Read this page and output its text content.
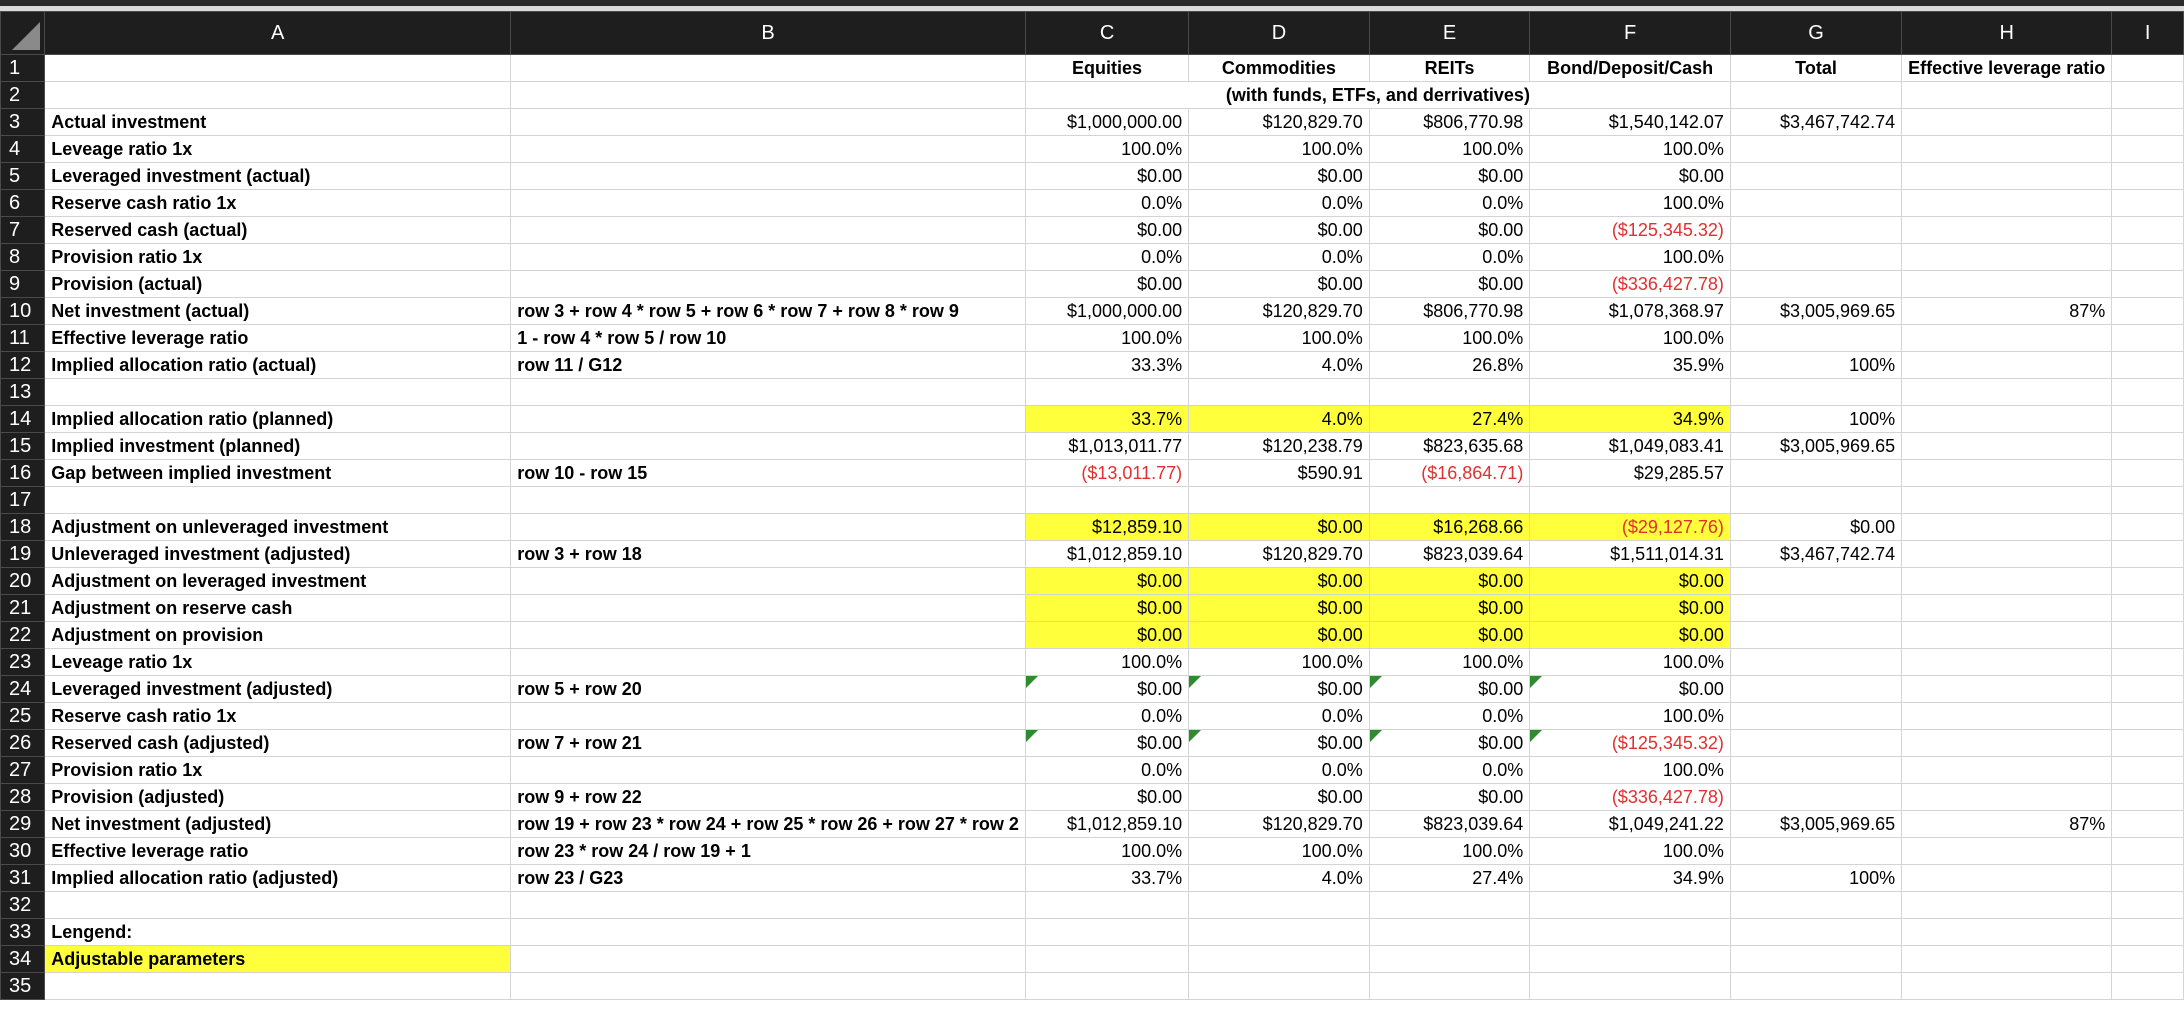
	A	B	C	D	E	F	G	H	I
1			Equities	Commodities	REITs	Bond/Deposit/Cash	Total	Effective leverage ratio	
2			(with funds, ETFs, and derrivatives)						
3	Actual investment		$1,000,000.00	$120,829.70	$806,770.98	$1,540,142.07	$3,467,742.74		
4	Leveage ratio 1x		100.0%	100.0%	100.0%	100.0%			
5	Leveraged investment (actual)		$0.00	$0.00	$0.00	$0.00			
6	Reserve cash ratio 1x		0.0%	0.0%	0.0%	100.0%			
7	Reserved cash (actual)		$0.00	$0.00	$0.00	($125,345.32)			
8	Provision ratio 1x		0.0%	0.0%	0.0%	100.0%			
9	Provision (actual)		$0.00	$0.00	$0.00	($336,427.78)			
10	Net investment (actual)	row 3 + row 4 * row 5 + row 6 * row 7 + row 8 * row 9	$1,000,000.00	$120,829.70	$806,770.98	$1,078,368.97	$3,005,969.65	87%	
11	Effective leverage ratio	1 - row 4 * row 5 / row 10	100.0%	100.0%	100.0%	100.0%			
12	Implied allocation ratio (actual)	row 11 / G12	33.3%	4.0%	26.8%	35.9%	100%		
13									
14	Implied allocation ratio (planned)		33.7%	4.0%	27.4%	34.9%	100%		
15	Implied investment (planned)		$1,013,011.77	$120,238.79	$823,635.68	$1,049,083.41	$3,005,969.65		
16	Gap between implied investment	row 10 - row 15	($13,011.77)	$590.91	($16,864.71)	$29,285.57			
17									
18	Adjustment on unleveraged investment		$12,859.10	$0.00	$16,268.66	($29,127.76)	$0.00		
19	Unleveraged investment (adjusted)	row 3 + row 18	$1,012,859.10	$120,829.70	$823,039.64	$1,511,014.31	$3,467,742.74		
20	Adjustment on leveraged investment		$0.00	$0.00	$0.00	$0.00			
21	Adjustment on reserve cash		$0.00	$0.00	$0.00	$0.00			
22	Adjustment on provision		$0.00	$0.00	$0.00	$0.00			
23	Leveage ratio 1x		100.0%	100.0%	100.0%	100.0%			
24	Leveraged investment (adjusted)	row 5 + row 20	$0.00	$0.00	$0.00	$0.00			
25	Reserve cash ratio 1x		0.0%	0.0%	0.0%	100.0%			
26	Reserved cash (adjusted)	row 7 + row 21	$0.00	$0.00	$0.00	($125,345.32)			
27	Provision ratio 1x		0.0%	0.0%	0.0%	100.0%			
28	Provision (adjusted)	row 9 + row 22	$0.00	$0.00	$0.00	($336,427.78)			
29	Net investment (adjusted)	row 19 + row 23 * row 24 + row 25 * row 26 + row 27 * row 2	$1,012,859.10	$120,829.70	$823,039.64	$1,049,241.22	$3,005,969.65	87%	
30	Effective leverage ratio	row 23 * row 24 / row 19 + 1	100.0%	100.0%	100.0%	100.0%			
31	Implied allocation ratio (adjusted)	row 23 / G23	33.7%	4.0%	27.4%	34.9%	100%		
32									
33	Lengend:								
34	Adjustable parameters								
35									
